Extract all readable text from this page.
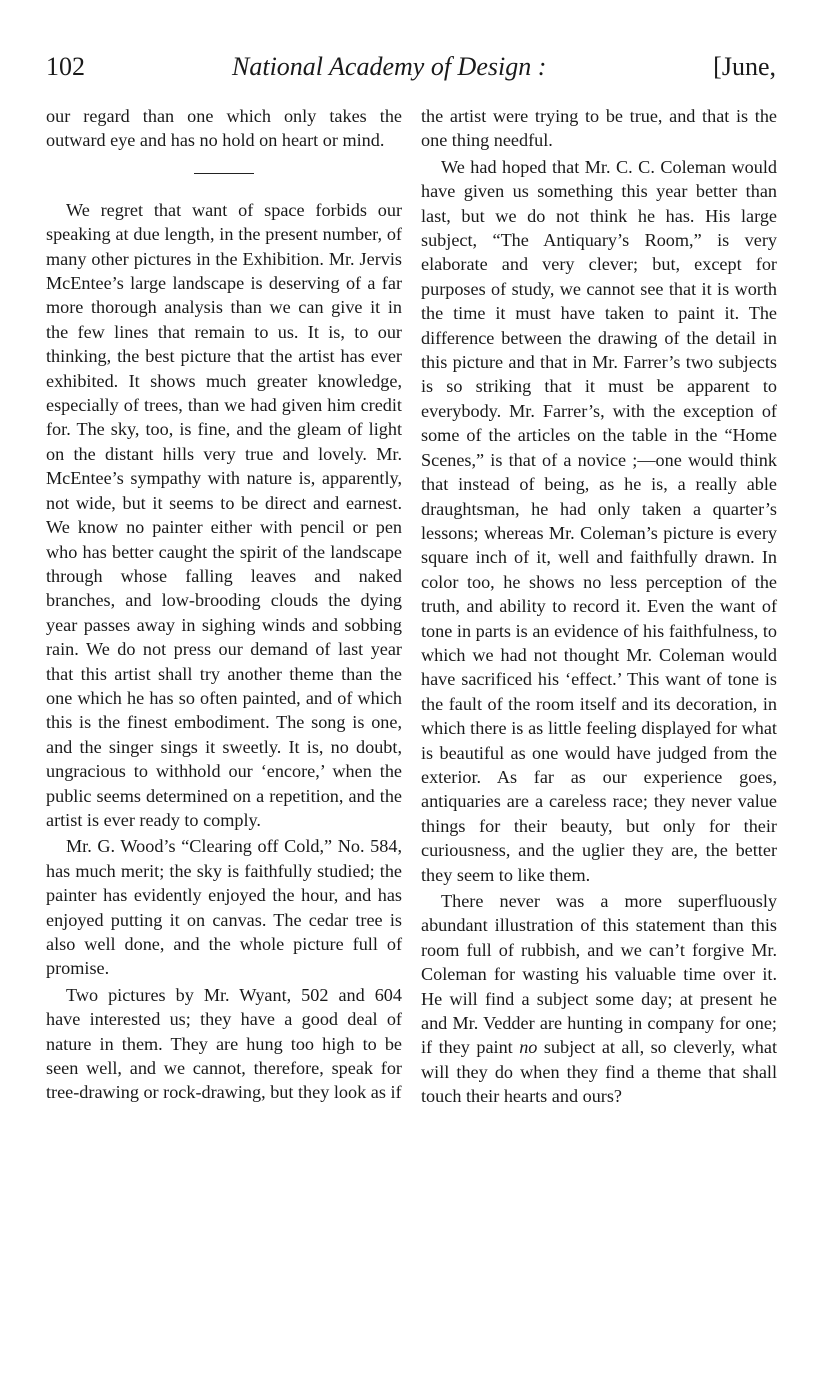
102	National Academy of Design :	[June,

our regard than one which only takes the outward eye and has no hold on heart or mind.

We regret that want of space forbids our speaking at due length, in the present number, of many other pictures in the Exhibition. Mr. Jervis McEntee’s large landscape is deserving of a far more thorough analysis than we can give it in the few lines that remain to us. It is, to our thinking, the best picture that the artist has ever exhibited. It shows much greater knowledge, especially of trees, than we had given him credit for. The sky, too, is fine, and the gleam of light on the distant hills very true and lovely. Mr. McEntee’s sympathy with nature is, apparently, not wide, but it seems to be direct and earnest. We know no painter either with pencil or pen who has better caught the spirit of the landscape through whose falling leaves and naked branches, and low-brooding clouds the dying year passes away in sighing winds and sobbing rain. We do not press our demand of last year that this artist shall try another theme than the one which he has so often painted, and of which this is the finest embodiment. The song is one, and the singer sings it sweetly. It is, no doubt, ungracious to withhold our ‘encore,’ when the public seems determined on a repetition, and the artist is ever ready to comply.

Mr. G. Wood’s “Clearing off Cold,” No. 584, has much merit; the sky is faithfully studied; the painter has evidently enjoyed the hour, and has enjoyed putting it on canvas. The cedar tree is also well done, and the whole picture full of promise.

Two pictures by Mr. Wyant, 502 and 604 have interested us; they have a good deal of nature in them. They are hung too high to be seen well, and we cannot, therefore, speak for tree-drawing or rock-drawing, but they look as if

the artist were trying to be true, and that is the one thing needful.

We had hoped that Mr. C. C. Coleman would have given us something this year better than last, but we do not think he has. His large subject, “The Antiquary’s Room,” is very elaborate and very clever; but, except for purposes of study, we cannot see that it is worth the time it must have taken to paint it. The difference between the drawing of the detail in this picture and that in Mr. Farrer’s two subjects is so striking that it must be apparent to everybody. Mr. Farrer’s, with the exception of some of the articles on the table in the “Home Scenes,” is that of a novice ;—one would think that instead of being, as he is, a really able draughtsman, he had only taken a quarter’s lessons; whereas Mr. Coleman’s picture is every square inch of it, well and faithfully drawn. In color too, he shows no less perception of the truth, and ability to record it. Even the want of tone in parts is an evidence of his faithfulness, to which we had not thought Mr. Coleman would have sacrificed his ‘effect.’ This want of tone is the fault of the room itself and its decoration, in which there is as little feeling displayed for what is beautiful as one would have judged from the exterior. As far as our experience goes, antiquaries are a careless race; they never value things for their beauty, but only for their curiousness, and the uglier they are, the better they seem to like them.

There never was a more superfluously abundant illustration of this statement than this room full of rubbish, and we can’t forgive Mr. Coleman for wasting his valuable time over it. He will find a subject some day; at present he and Mr. Vedder are hunting in company for one; if they paint no subject at all, so cleverly, what will they do when they find a theme that shall touch their hearts and ours?
